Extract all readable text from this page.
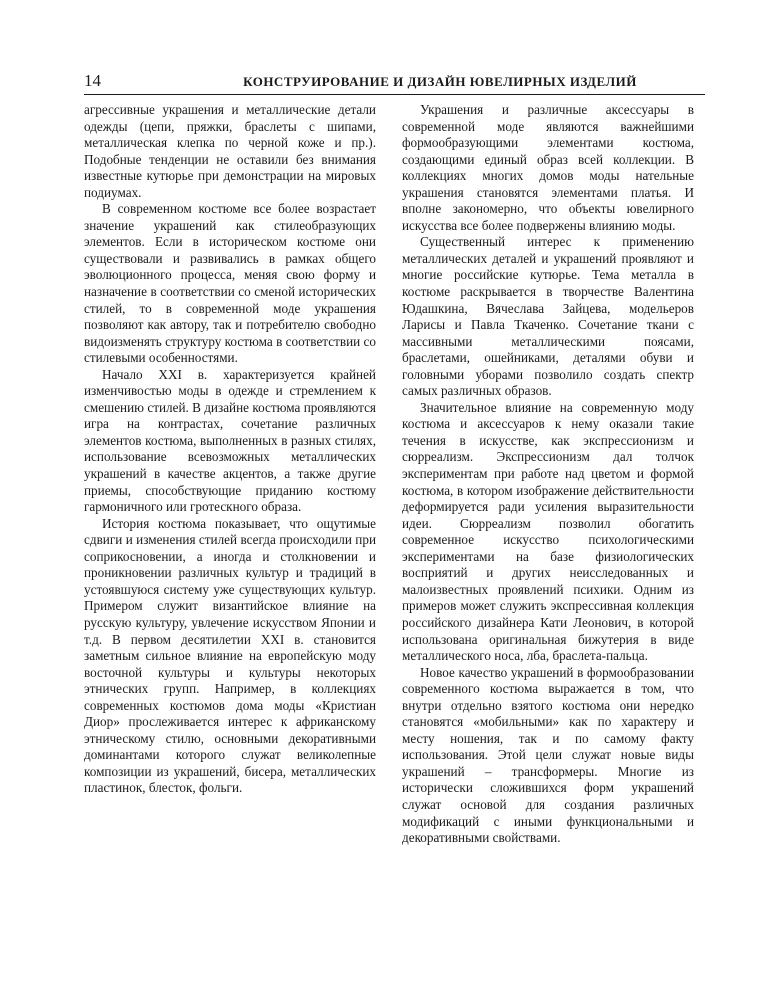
14	КОНСТРУИРОВАНИЕ И ДИЗАЙН ЮВЕЛИРНЫХ ИЗДЕЛИЙ

агрессивные украшения и металлические детали одежды (цепи, пряжки, браслеты с шипами, металлическая клепка по черной коже и пр.). Подобные тенденции не оставили без внимания известные кутюрье при демонстрации на мировых подиумах.

В современном костюме все более возрастает значение украшений как стилеобразующих элементов. Если в историческом костюме они существовали и развивались в рамках общего эволюционного процесса, меняя свою форму и назначение в соответствии со сменой исторических стилей, то в современной моде украшения позволяют как автору, так и потребителю свободно видоизменять структуру костюма в соответствии со стилевыми особенностями.

Начало XXI в. характеризуется крайней изменчивостью моды в одежде и стремлением к смешению стилей. В дизайне костюма проявляются игра на контрастах, сочетание различных элементов костюма, выполненных в разных стилях, использование всевозможных металлических украшений в качестве акцентов, а также другие приемы, способствующие приданию костюму гармоничного или гротескного образа.

История костюма показывает, что ощутимые сдвиги и изменения стилей всегда происходили при соприкосновении, а иногда и столкновении и проникновении различных культур и традиций в устоявшуюся систему уже существующих культур. Примером служит византийское влияние на русскую культуру, увлечение искусством Японии и т.д. В первом десятилетии XXI в. становится заметным сильное влияние на европейскую моду восточной культуры и культуры некоторых этнических групп. Например, в коллекциях современных костюмов дома моды «Кристиан Диор» прослеживается интерес к африканскому этническому стилю, основными декоративными доминантами которого служат великолепные композиции из украшений, бисера, металлических пластинок, блесток, фольги.

Украшения и различные аксессуары в современной моде являются важнейшими формообразующими элементами костюма, создающими единый образ всей коллекции. В коллекциях многих домов моды нательные украшения становятся элементами платья. И вполне закономерно, что объекты ювелирного искусства все более подвержены влиянию моды.

Существенный интерес к применению металлических деталей и украшений проявляют и многие российские кутюрье. Тема металла в костюме раскрывается в творчестве Валентина Юдашкина, Вячеслава Зайцева, модельеров Ларисы и Павла Ткаченко. Сочетание ткани с массивными металлическими поясами, браслетами, ошейниками, деталями обуви и головными уборами позволило создать спектр самых различных образов.

Значительное влияние на современную моду костюма и аксессуаров к нему оказали такие течения в искусстве, как экспрессионизм и сюрреализм. Экспрессионизм дал толчок экспериментам при работе над цветом и формой костюма, в котором изображение действительности деформируется ради усиления выразительности идеи. Сюрреализм позволил обогатить современное искусство психологическими экспериментами на базе физиологических восприятий и других неисследованных и малоизвестных проявлений психики. Одним из примеров может служить экспрессивная коллекция российского дизайнера Кати Леонович, в которой использована оригинальная бижутерия в виде металлического носа, лба, браслета-пальца.

Новое качество украшений в формообразовании современного костюма выражается в том, что внутри отдельно взятого костюма они нередко становятся «мобильными» как по характеру и месту ношения, так и по самому факту использования. Этой цели служат новые виды украшений – трансформеры. Многие из исторически сложившихся форм украшений служат основой для создания различных модификаций с иными функциональными и декоративными свойствами.
